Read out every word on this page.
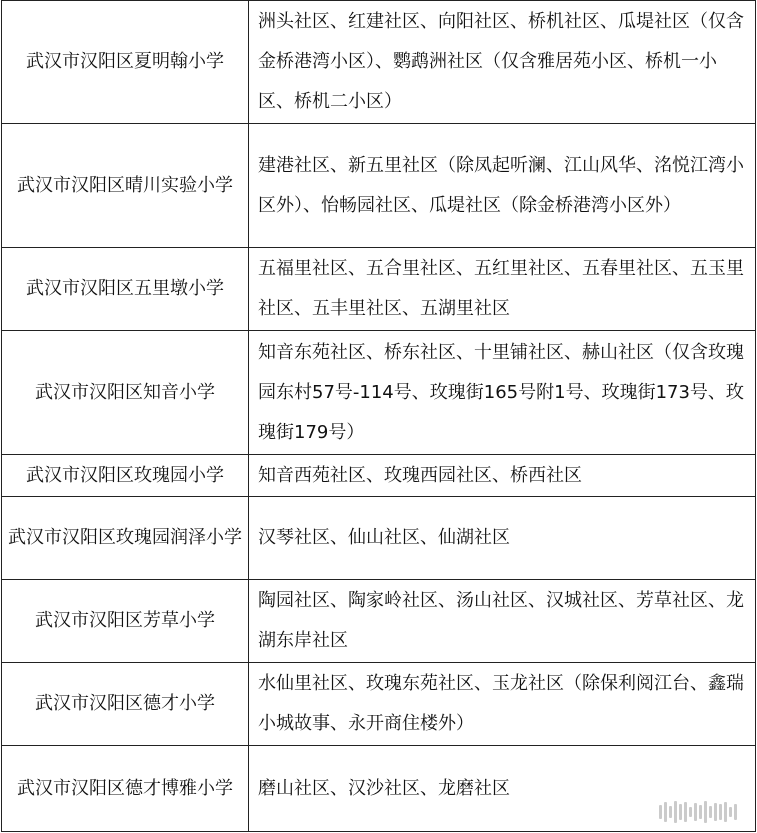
武汉市汉阳区夏明翰小学	洲头社区、红建社区、向阳社区、桥机社区、瓜堤社区（仅含金桥港湾小区）、鹦鹉洲社区（仅含雅居苑小区、桥机一小区、桥机二小区）
武汉市汉阳区晴川实验小学	建港社区、新五里社区（除凤起听澜、江山风华、洺悦江湾小区外）、怡畅园社区、瓜堤社区（除金桥港湾小区外）
武汉市汉阳区五里墩小学	五福里社区、五合里社区、五红里社区、五春里社区、五玉里社区、五丰里社区、五湖里社区
武汉市汉阳区知音小学	知音东苑社区、桥东社区、十里铺社区、赫山社区（仅含玫瑰园东村57号-114号、玫瑰街165号附1号、玫瑰街173号、玫瑰街179号）
武汉市汉阳区玫瑰园小学	知音西苑社区、玫瑰西园社区、桥西社区
武汉市汉阳区玫瑰园润泽小学	汉琴社区、仙山社区、仙湖社区
武汉市汉阳区芳草小学	陶园社区、陶家岭社区、汤山社区、汉城社区、芳草社区、龙湖东岸社区
武汉市汉阳区德才小学	水仙里社区、玫瑰东苑社区、玉龙社区（除保利阅江台、鑫瑞小城故事、永开商住楼外）
武汉市汉阳区德才博雅小学	磨山社区、汉沙社区、龙磨社区
